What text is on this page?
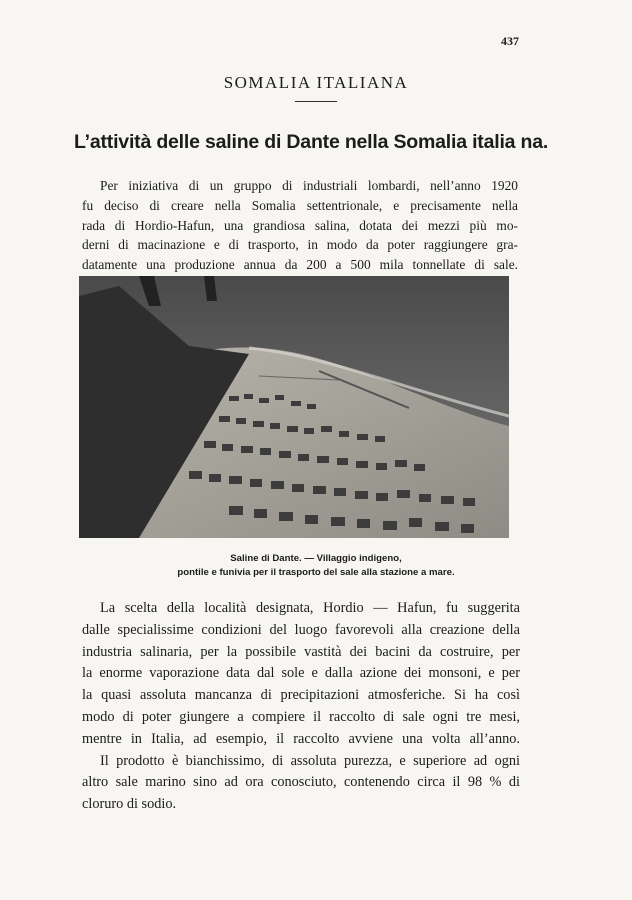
437
SOMALIA ITALIANA
L’attività delle saline di Dante nella Somalia italia na.
Per iniziativa di un gruppo di industriali lombardi, nell’anno 1920
fu deciso di creare nella Somalia settentrionale, e precisamente nella
rada di Hordio-Hafun, una grandiosa salina, dotata dei mezzi più mo-
derni di macinazione e di trasporto, in modo da poter raggiungere gra-
datamente una produzione annua da 200 a 500 mila tonnellate di sale.
Saline di Dante. — Villaggio indigeno,
pontile e funivia per il trasporto del sale alla stazione a mare.
La scelta della località designata, Hordio — Hafun, fu suggerita
dalle specialissime condizioni del luogo favorevoli alla creazione della
industria salinaria, per la possibile vastità dei bacini da costruire, per
la enorme vaporazione data dal sole e dalla azione dei monsoni, e per
la quasi assoluta mancanza di precipitazioni atmosferiche. Si ha così
modo di poter giungere a compiere il raccolto di sale ogni tre mesi,
mentre in Italia, ad esempio, il raccolto avviene una volta all’anno.
Il prodotto è bianchissimo, di assoluta purezza, e superiore ad ogni
altro sale marino sino ad ora conosciuto, contenendo circa il 98 % di
cloruro di sodio.
